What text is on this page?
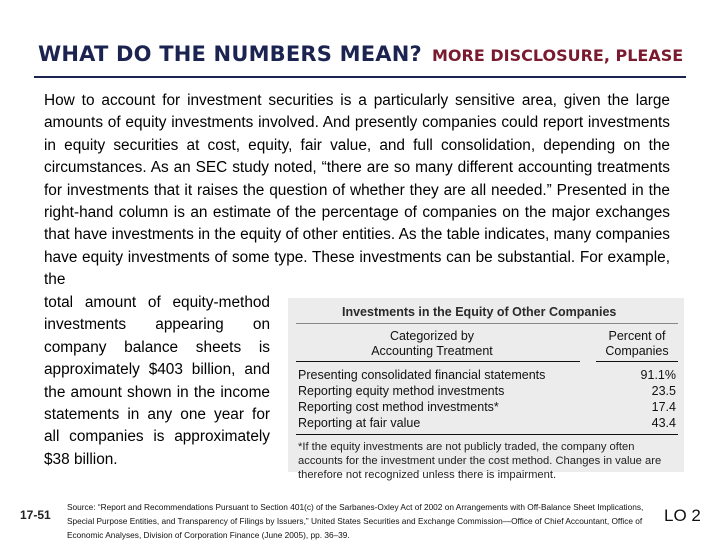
WHAT DO THE NUMBERS MEAN? MORE DISCLOSURE, PLEASE

How to account for investment securities is a particularly sensitive area, given the large amounts of equity investments involved. And presently companies could report investments in equity securities at cost, equity, fair value, and full consolidation, depending on the circumstances. As an SEC study noted, “there are so many different accounting treatments for investments that it raises the question of whether they are all needed.” Presented in the right-hand column is an estimate of the percentage of companies on the major exchanges that have investments in the equity of other entities. As the table indicates, many companies have equity investments of some type. These investments can be substantial. For example, the

total amount of equity-method investments appearing on company balance sheets is approximately $403 billion, and the amount shown in the income statements in any one year for all companies is approximately $38 billion.

Investments in the Equity of Other Companies
Categorized by
Accounting Treatment
Percent of
Companies
Presenting consolidated financial statements	91.1%
Reporting equity method investments	23.5
Reporting cost method investments*	17.4
Reporting at fair value	43.4

*If the equity investments are not publicly traded, the company often accounts for the investment under the cost method. Changes in value are therefore not recognized unless there is impairment.

17-51

Source: “Report and Recommendations Pursuant to Section 401(c) of the Sarbanes-Oxley Act of 2002 on Arrangements with Off-Balance Sheet Implications, Special Purpose Entities, and Transparency of Filings by Issuers,” United States Securities and Exchange Commission—Office of Chief Accountant, Office of Economic Analyses, Division of Corporation Finance (June 2005), pp. 36–39.

LO 2
